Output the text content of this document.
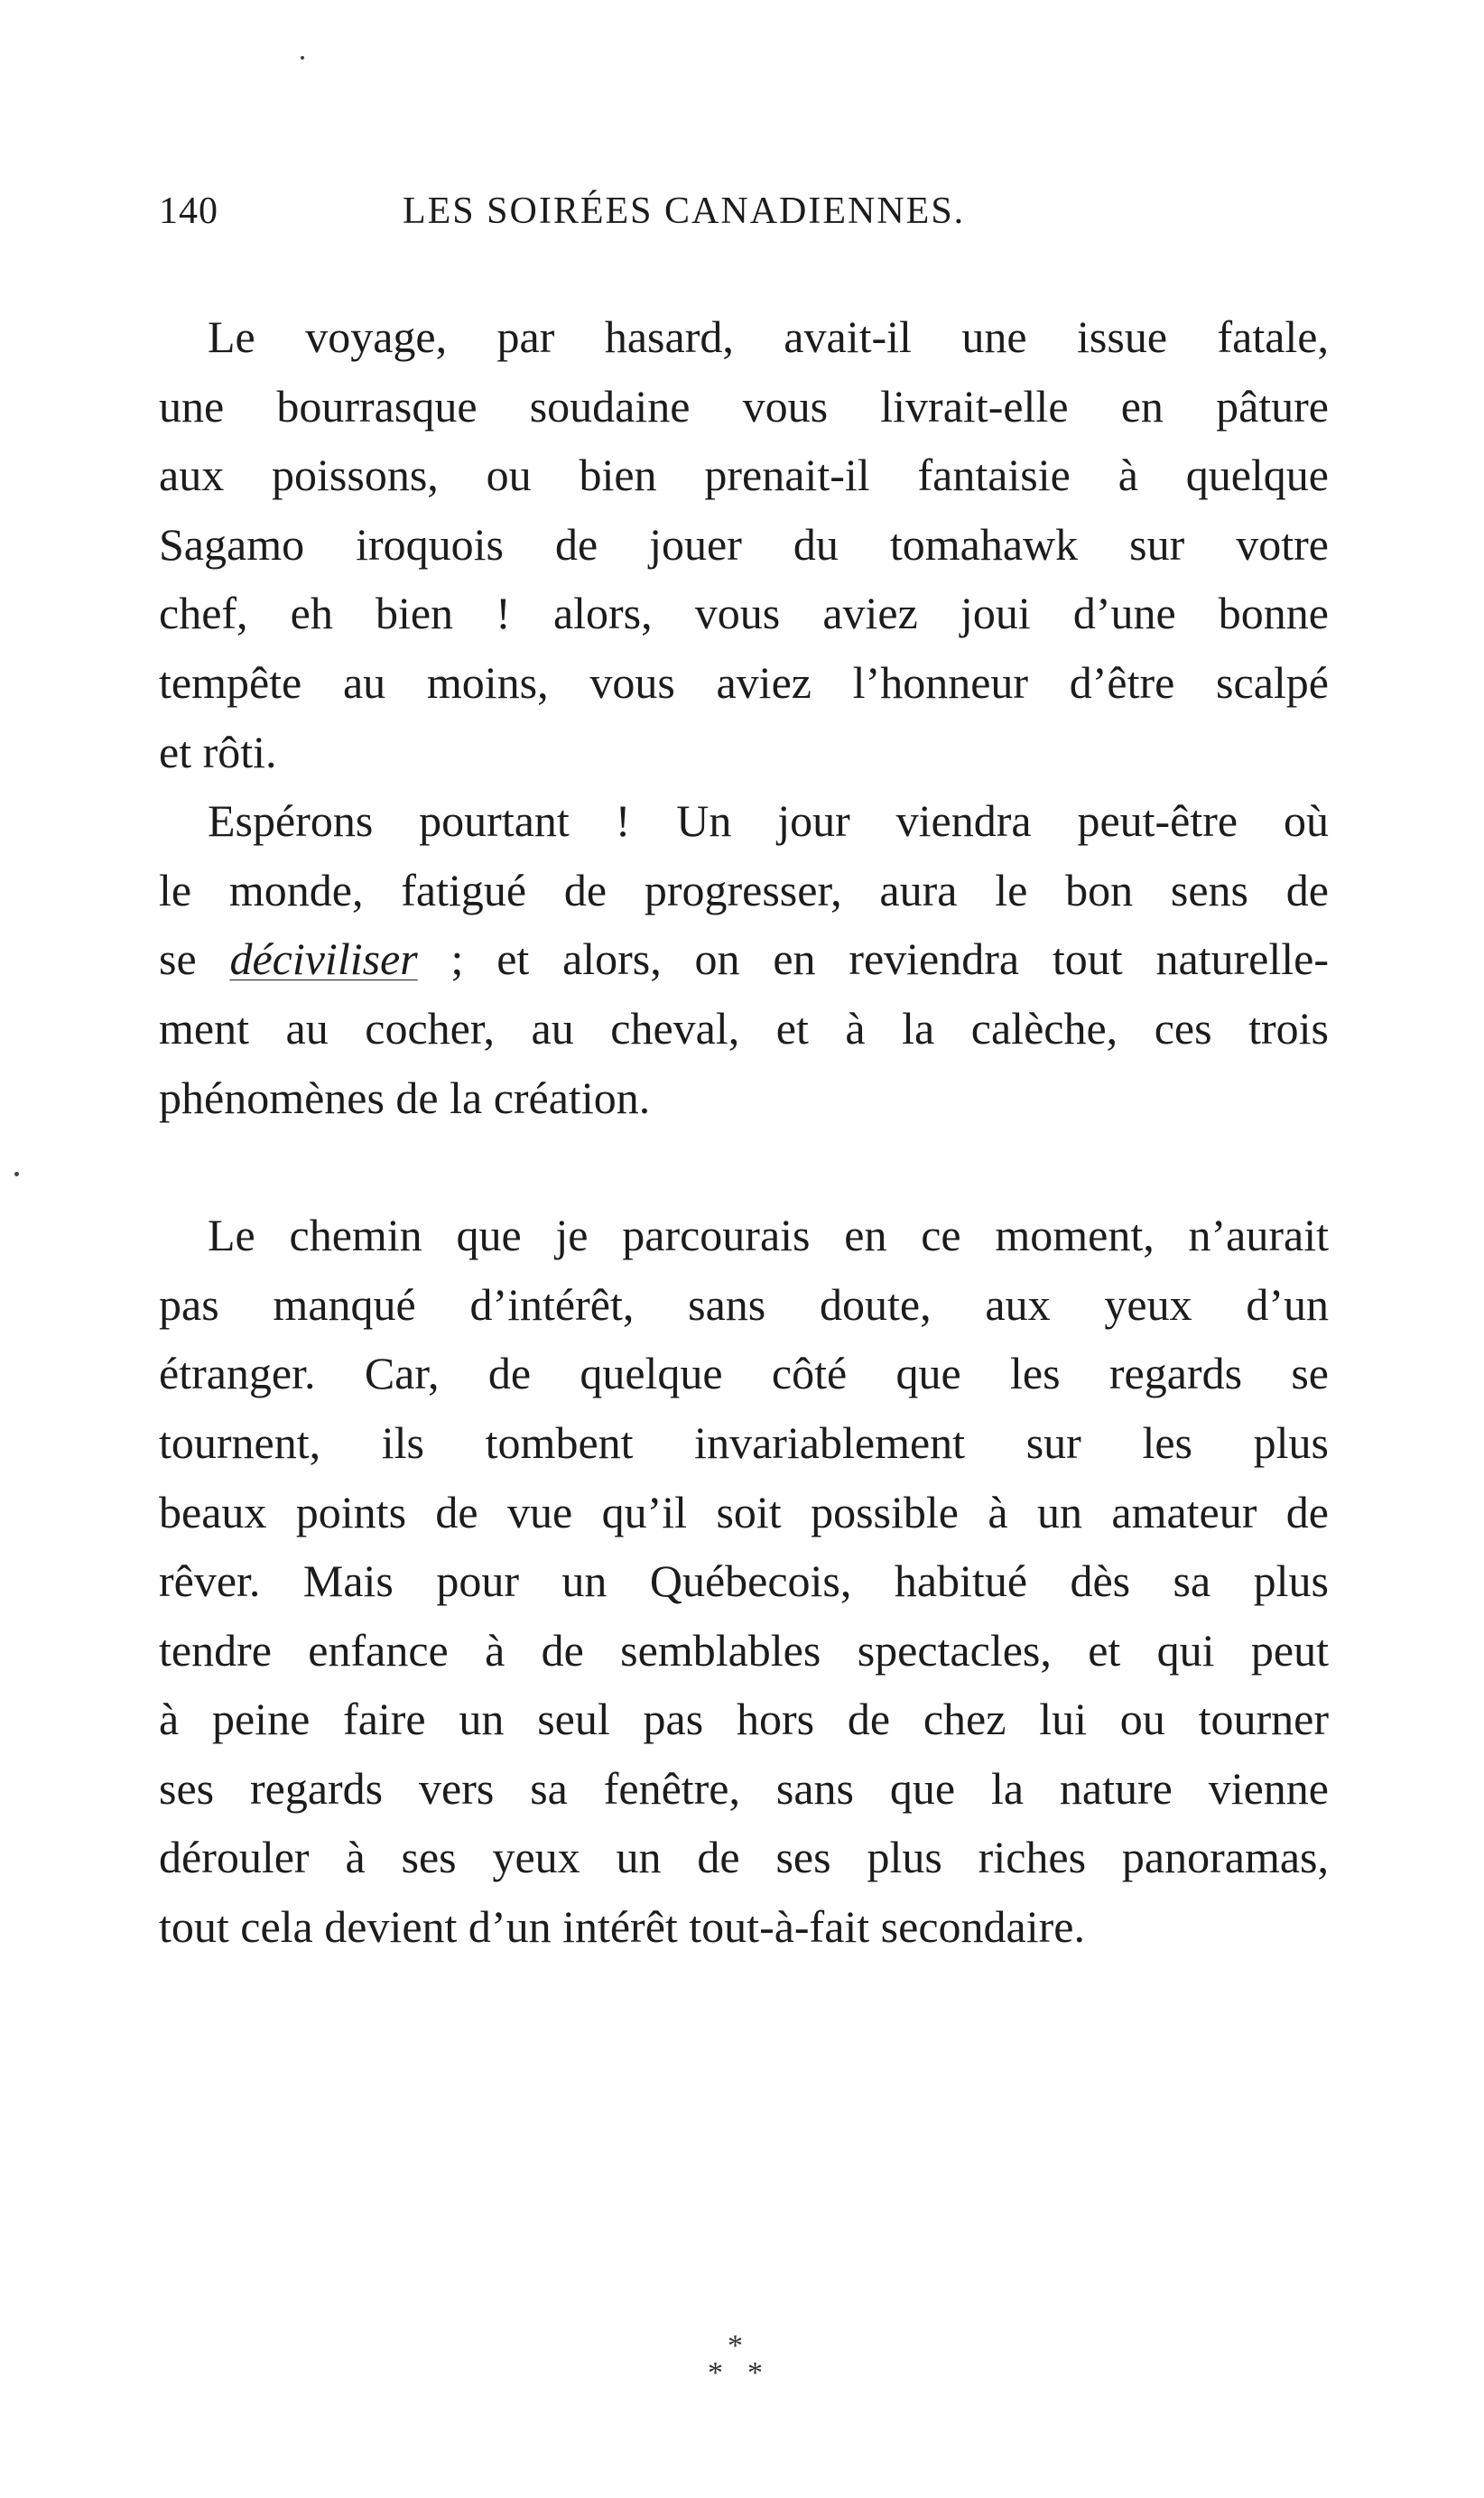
140	LES SOIRÉES CANADIENNES.

Le voyage, par hasard, avait-il une issue fatale,
une bourrasque soudaine vous livrait-elle en pâture
aux poissons, ou bien prenait-il fantaisie à quelque
Sagamo iroquois de jouer du tomahawk sur votre
chef, eh bien ! alors, vous aviez joui d’une bonne
tempête au moins, vous aviez l’honneur d’être scalpé
et rôti.

Espérons pourtant ! Un jour viendra peut-être où
le monde, fatigué de progresser, aura le bon sens de
se déciviliser ; et alors, on en reviendra tout naturelle-
ment au cocher, au cheval, et à la calèche, ces trois
phénomènes de la création.

Le chemin que je parcourais en ce moment, n’aurait
pas manqué d’intérêt, sans doute, aux yeux d’un
étranger. Car, de quelque côté que les regards se
tournent, ils tombent invariablement sur les plus
beaux points de vue qu’il soit possible à un amateur de
rêver. Mais pour un Québecois, habitué dès sa plus
tendre enfance à de semblables spectacles, et qui peut
à peine faire un seul pas hors de chez lui ou tourner
ses regards vers sa fenêtre, sans que la nature vienne
dérouler à ses yeux un de ses plus riches panoramas,
tout cela devient d’un intérêt tout-à-fait secondaire.

*
* *
